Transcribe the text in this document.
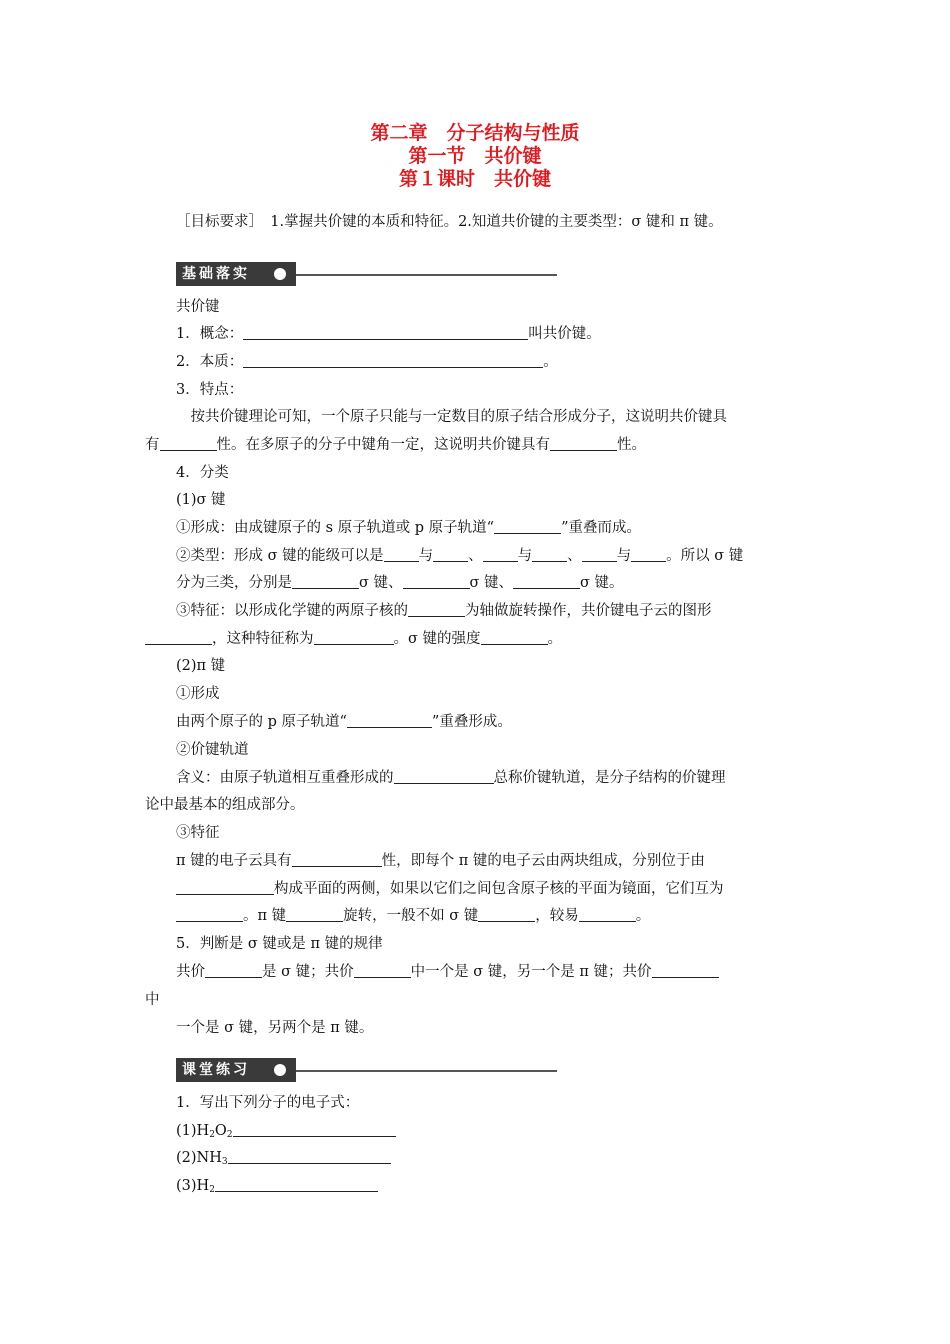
第二章　分子结构与性质
第一节　共价键
第１课时　共价键
［目标要求］　1.掌握共价键的本质和特征。2.知道共价键的主要类型：σ 键和 π 键。
基础落实
共价键
1．概念：	叫共价键。
2．本质：	。
3．特点：
　按共价键理论可知，一个原子只能与一定数目的原子结合形成分子，这说明共价键具
有	性。在多原子的分子中键角一定，这说明共价键具有	性。
4．分类
(1)σ 键
①形成：由成键原子的 s 原子轨道或 p 原子轨道“	”重叠而成。
②类型：形成 σ 键的能级可以是 与 、 与 、 与 。所以 σ 键
分为三类，分别是	σ 键、	σ 键、	σ 键。
③特征：以形成化学键的两原子核的	为轴做旋转操作，共价键电子云的图形
，这种特征称为	。σ 键的强度	。
(2)π 键
①形成
由两个原子的 p 原子轨道“	”重叠形成。
②价键轨道
含义：由原子轨道相互重叠形成的	总称价键轨道，是分子结构的价键理
论中最基本的组成部分。
③特征
π 键的电子云具有	性，即每个 π 键的电子云由两块组成，分别位于由
构成平面的两侧，如果以它们之间包含原子核的平面为镜面，它们互为
。π 键	旋转，一般不如 σ 键	，较易	。
5．判断是 σ 键或是 π 键的规律
共价	是 σ 键；共价	中一个是 σ 键，另一个是 π 键；共价
中
一个是 σ 键，另两个是 π 键。
课堂练习
1．写出下列分子的电子式：
$(1)H_2O_2$
$(2)NH_3$
$(3)H_2$
